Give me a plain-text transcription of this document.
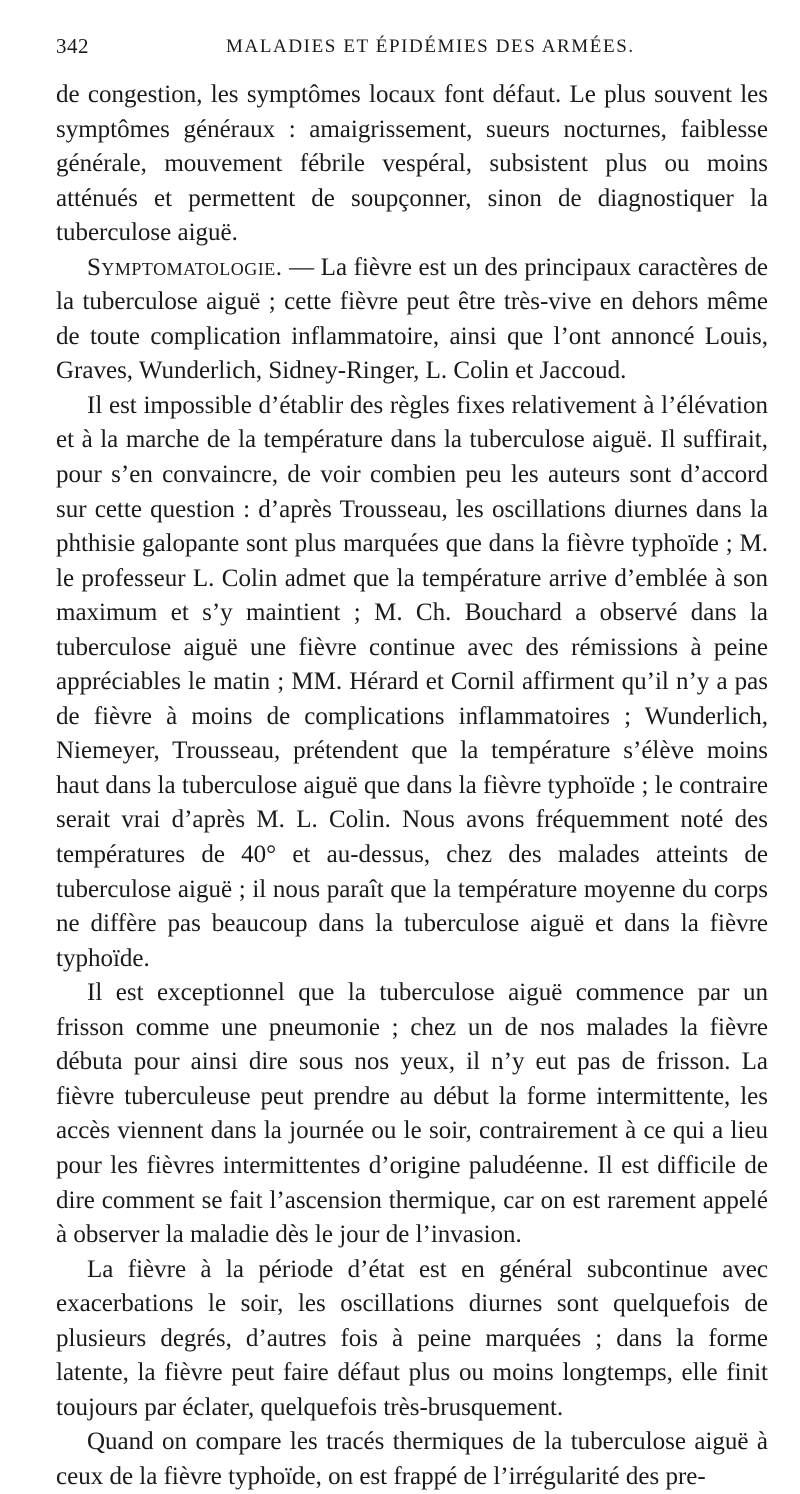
342	MALADIES ET ÉPIDÉMIES DES ARMÉES.

de congestion, les symptômes locaux font défaut. Le plus souvent les symptômes généraux : amaigrissement, sueurs nocturnes, faiblesse générale, mouvement fébrile vespéral, subsistent plus ou moins atténués et permettent de soupçonner, sinon de diagnostiquer la tuberculose aiguë.

Symptomatologie. — La fièvre est un des principaux caractères de la tuberculose aiguë ; cette fièvre peut être très-vive en dehors même de toute complication inflammatoire, ainsi que l’ont annoncé Louis, Graves, Wunderlich, Sidney-Ringer, L. Colin et Jaccoud.

Il est impossible d’établir des règles fixes relativement à l’élévation et à la marche de la température dans la tuberculose aiguë. Il suffirait, pour s’en convaincre, de voir combien peu les auteurs sont d’accord sur cette question : d’après Trousseau, les oscillations diurnes dans la phthisie galopante sont plus marquées que dans la fièvre typhoïde ; M. le professeur L. Colin admet que la température arrive d’emblée à son maximum et s’y maintient ; M. Ch. Bouchard a observé dans la tuberculose aiguë une fièvre continue avec des rémissions à peine appréciables le matin ; MM. Hérard et Cornil affirment qu’il n’y a pas de fièvre à moins de complications inflammatoires ; Wunderlich, Niemeyer, Trousseau, prétendent que la température s’élève moins haut dans la tuberculose aiguë que dans la fièvre typhoïde ; le contraire serait vrai d’après M. L. Colin. Nous avons fréquemment noté des températures de 40° et au-dessus, chez des malades atteints de tuberculose aiguë ; il nous paraît que la température moyenne du corps ne diffère pas beaucoup dans la tuberculose aiguë et dans la fièvre typhoïde.

Il est exceptionnel que la tuberculose aiguë commence par un frisson comme une pneumonie ; chez un de nos malades la fièvre débuta pour ainsi dire sous nos yeux, il n’y eut pas de frisson. La fièvre tuberculeuse peut prendre au début la forme intermittente, les accès viennent dans la journée ou le soir, contrairement à ce qui a lieu pour les fièvres intermittentes d’origine paludéenne. Il est difficile de dire comment se fait l’ascension thermique, car on est rarement appelé à observer la maladie dès le jour de l’invasion.

La fièvre à la période d’état est en général subcontinue avec exacerbations le soir, les oscillations diurnes sont quelquefois de plusieurs degrés, d’autres fois à peine marquées ; dans la forme latente, la fièvre peut faire défaut plus ou moins longtemps, elle finit toujours par éclater, quelquefois très-brusquement.

Quand on compare les tracés thermiques de la tuberculose aiguë à ceux de la fièvre typhoïde, on est frappé de l’irrégularité des pre-
